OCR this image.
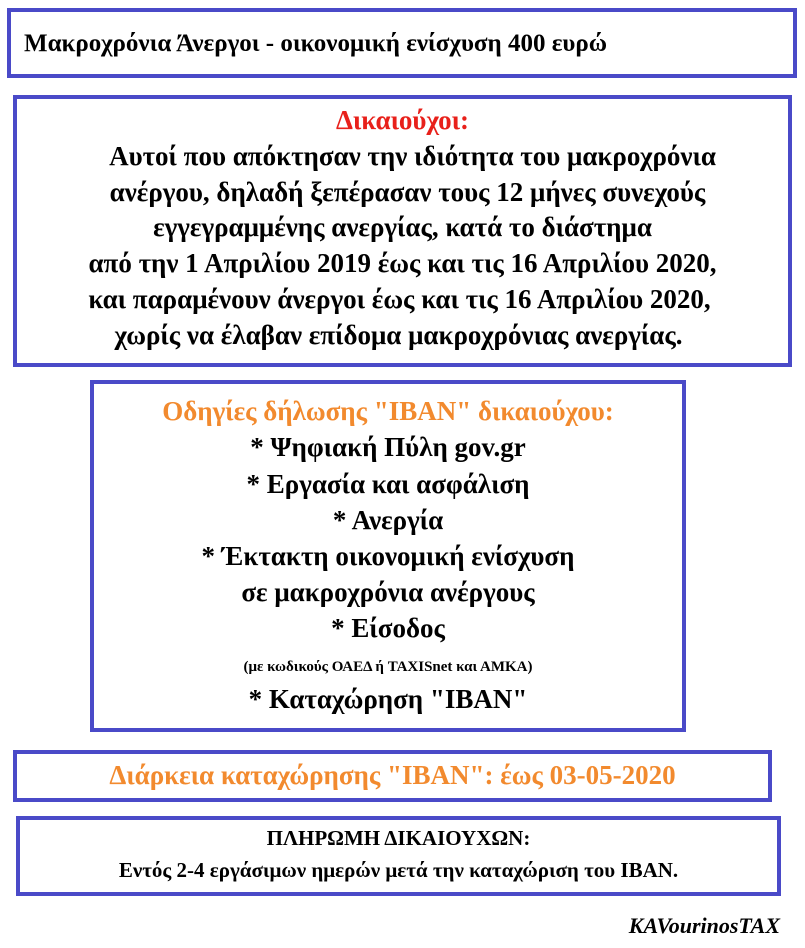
Μακροχρόνια Άνεργοι - οικονομική ενίσχυση 400 ευρώ
Δικαιούχοι:
Αυτοί που απόκτησαν την ιδιότητα του μακροχρόνια
ανέργου, δηλαδή ξεπέρασαν τους 12 μήνες συνεχούς
εγγεγραμμένης ανεργίας, κατά το διάστημα
από την 1 Απριλίου 2019 έως και τις 16 Απριλίου 2020,
και παραμένουν άνεργοι έως και τις 16 Απριλίου 2020,
χωρίς να έλαβαν επίδομα μακροχρόνιας ανεργίας.
Οδηγίες δήλωσης "IBAN" δικαιούχου:
* Ψηφιακή Πύλη gov.gr
* Εργασία και ασφάλιση
* Ανεργία
* Έκτακτη οικονομική ενίσχυση
σε μακροχρόνια ανέργους
* Είσοδος
(με κωδικούς ΟΑΕΔ ή TAXISnet και ΑΜΚΑ)
* Καταχώρηση "IBAN"
Διάρκεια καταχώρησης "IBAN": έως 03-05-2020
ΠΛΗΡΩΜΗ ΔΙΚΑΙΟΥΧΩΝ:
Εντός 2-4 εργάσιμων ημερών μετά την καταχώριση του IBAN.
KAVourinosTAX
